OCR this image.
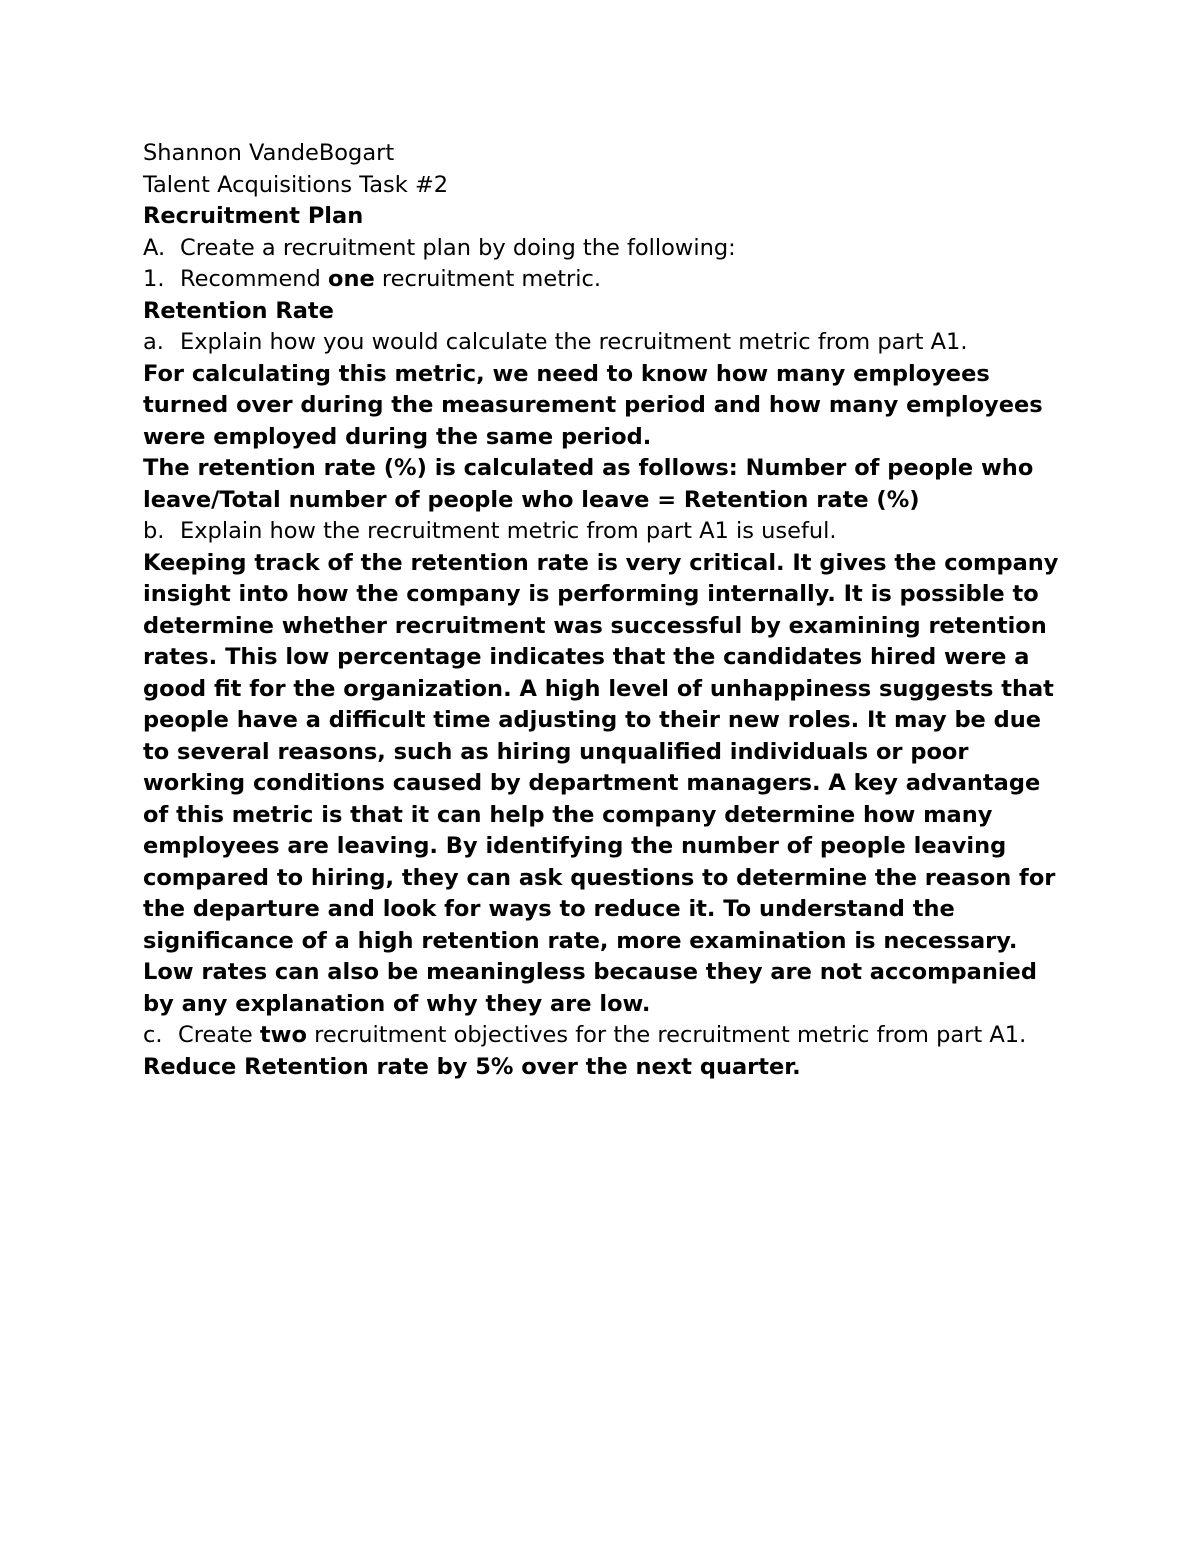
Shannon VandeBogart

Talent Acquisitions Task #2

Recruitment Plan

A. Create a recruitment plan by doing the following:

1. Recommend one recruitment metric.

Retention Rate

a. Explain how you would calculate the recruitment metric from part A1.

For calculating this metric, we need to know how many employees turned over during the measurement period and how many employees were employed during the same period.

The retention rate (%) is calculated as follows: Number of people who leave/Total number of people who leave = Retention rate (%)

b. Explain how the recruitment metric from part A1 is useful.

Keeping track of the retention rate is very critical. It gives the company insight into how the company is performing internally. It is possible to determine whether recruitment was successful by examining retention rates. This low percentage indicates that the candidates hired were a good fit for the organization. A high level of unhappiness suggests that people have a difficult time adjusting to their new roles. It may be due to several reasons, such as hiring unqualified individuals or poor working conditions caused by department managers. A key advantage of this metric is that it can help the company determine how many employees are leaving. By identifying the number of people leaving compared to hiring, they can ask questions to determine the reason for the departure and look for ways to reduce it. To understand the significance of a high retention rate, more examination is necessary. Low rates can also be meaningless because they are not accompanied by any explanation of why they are low.

c. Create two recruitment objectives for the recruitment metric from part A1.

Reduce Retention rate by 5% over the next quarter.
